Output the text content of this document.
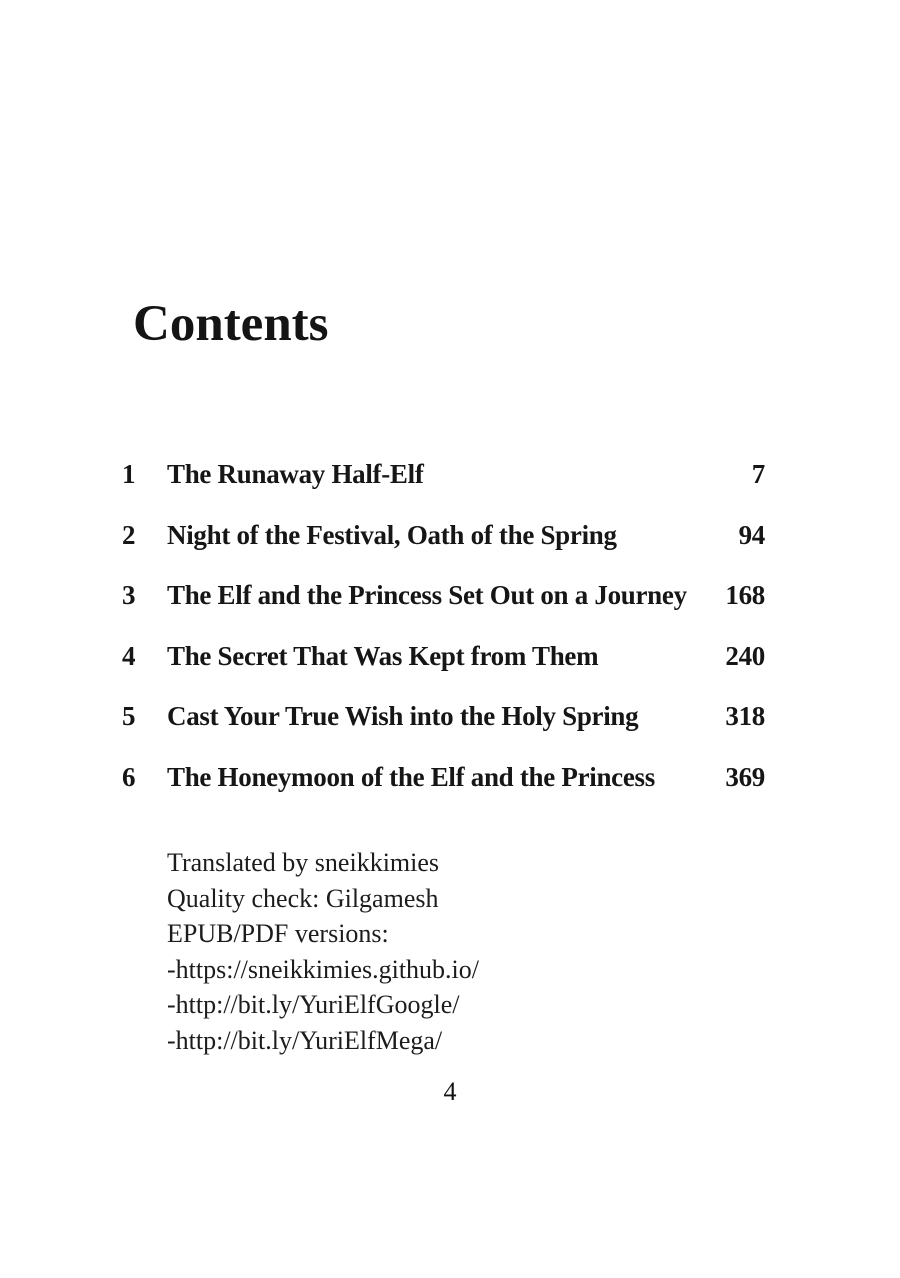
Contents
1	The Runaway Half-Elf	7
2	Night of the Festival, Oath of the Spring	94
3	The Elf and the Princess Set Out on a Journey	168
4	The Secret That Was Kept from Them	240
5	Cast Your True Wish into the Holy Spring	318
6	The Honeymoon of the Elf and the Princess	369
Translated by sneikkimies
Quality check: Gilgamesh
EPUB/PDF versions:
-https://sneikkimies.github.io/
-http://bit.ly/YuriElfGoogle/
-http://bit.ly/YuriElfMega/
4
